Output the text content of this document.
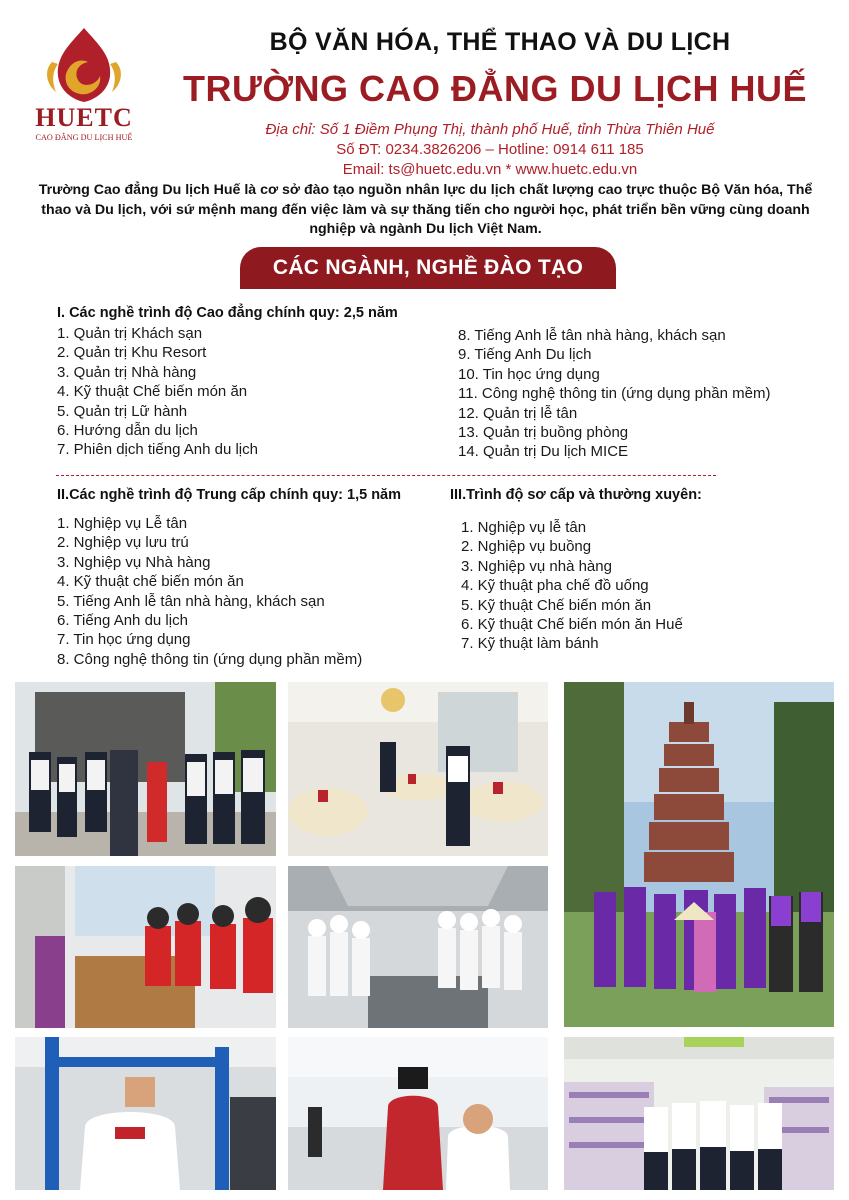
HUETC
CAO ĐẲNG DU LỊCH HUẾ
BỘ VĂN HÓA, THỂ THAO VÀ DU LỊCH
TRƯỜNG CAO ĐẲNG DU LỊCH HUẾ
Địa chỉ: Số 1 Điềm Phụng Thị, thành phố Huế, tỉnh Thừa Thiên Huế
Số ĐT: 0234.3826206 – Hotline: 0914 611 185
Email: ts@huetc.edu.vn * www.huetc.edu.vn
Trường Cao đẳng Du lịch Huế là cơ sở đào tạo nguồn nhân lực du lịch chất lượng cao trực thuộc Bộ Văn hóa, Thể thao và Du lịch, với sứ mệnh mang đến việc làm và sự thăng tiến cho người học, phát triển bền vững cùng doanh nghiệp và ngành Du lịch Việt Nam.
CÁC NGÀNH, NGHỀ ĐÀO TẠO
I. Các nghề trình độ Cao đẳng chính quy: 2,5 năm
1. Quản trị Khách sạn
2. Quản trị Khu Resort
3. Quản trị Nhà hàng
4. Kỹ thuật Chế biến món ăn
5. Quản trị Lữ hành
6. Hướng dẫn du lịch
7. Phiên dịch tiếng Anh du lịch
8. Tiếng Anh lễ tân nhà hàng, khách sạn
9. Tiếng Anh Du lịch
10. Tin học ứng dụng
11. Công nghệ thông tin (ứng dụng phần mềm)
12. Quản trị lễ tân
13. Quản trị buồng phòng
14. Quản trị Du lịch MICE
II.Các nghề trình độ Trung cấp chính quy: 1,5 năm
1. Nghiệp vụ Lễ tân
2. Nghiệp vụ lưu trú
3. Nghiệp vụ Nhà hàng
4. Kỹ thuật chế biến món ăn
5. Tiếng Anh lễ tân nhà hàng, khách sạn
6. Tiếng Anh du lịch
7. Tin học ứng dụng
8. Công nghệ thông tin (ứng dụng phần mềm)
III.Trình độ sơ cấp và thường xuyên:
1. Nghiệp vụ lễ tân
2. Nghiệp vụ buồng
3. Nghiệp vụ nhà hàng
4. Kỹ thuật pha chế đồ uống
5. Kỹ thuật Chế biến món ăn
6. Kỹ thuật Chế biến món ăn Huế
7. Kỹ thuật làm bánh
